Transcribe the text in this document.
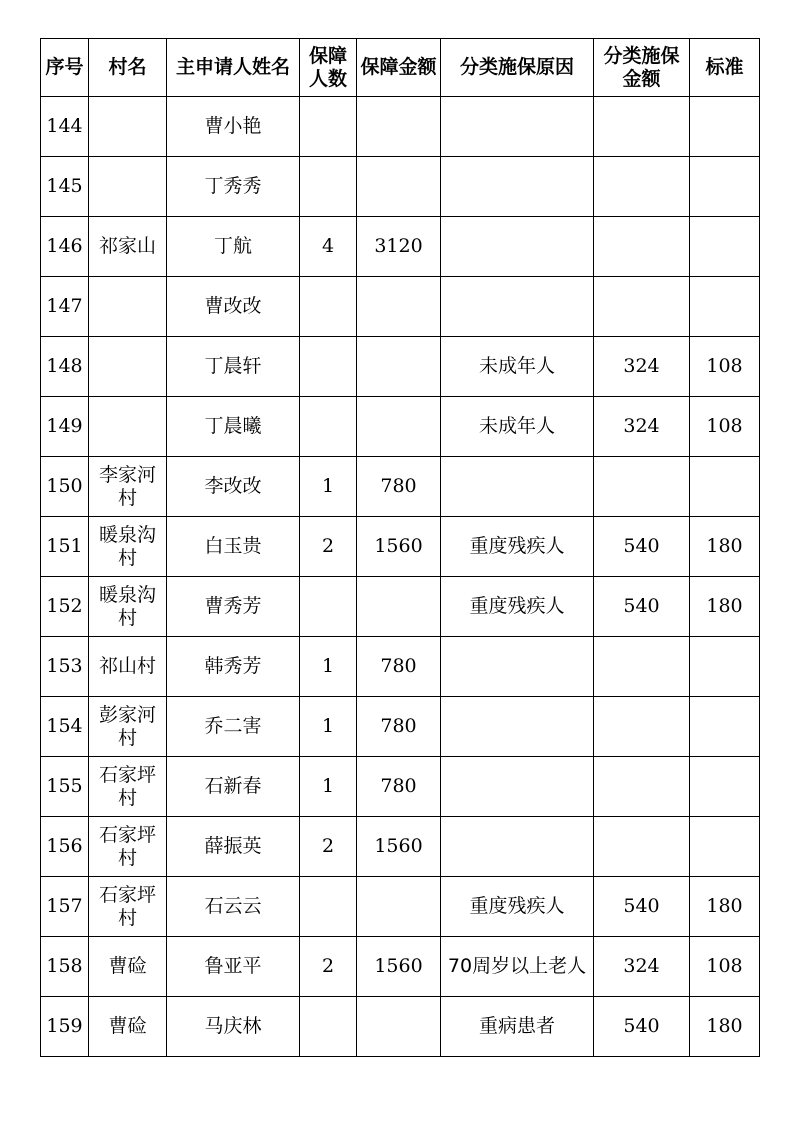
序号	村名	主申请人姓名	保障人数	保障金额	分类施保原因	分类施保金额	标准
144		曹小艳					
145		丁秀秀					
146	祁家山	丁航	4	3120			
147		曹改改					
148		丁晨轩			未成年人	324	108
149		丁晨曦			未成年人	324	108
150	李家河村	李改改	1	780			
151	暖泉沟村	白玉贵	2	1560	重度残疾人	540	180
152	暖泉沟村	曹秀芳			重度残疾人	540	180
153	祁山村	韩秀芳	1	780			
154	彭家河村	乔二害	1	780			
155	石家坪村	石新春	1	780			
156	石家坪村	薛振英	2	1560			
157	石家坪村	石云云			重度残疾人	540	180
158	曹硷	鲁亚平	2	1560	70周岁以上老人	324	108
159	曹硷	马庆林			重病患者	540	180
